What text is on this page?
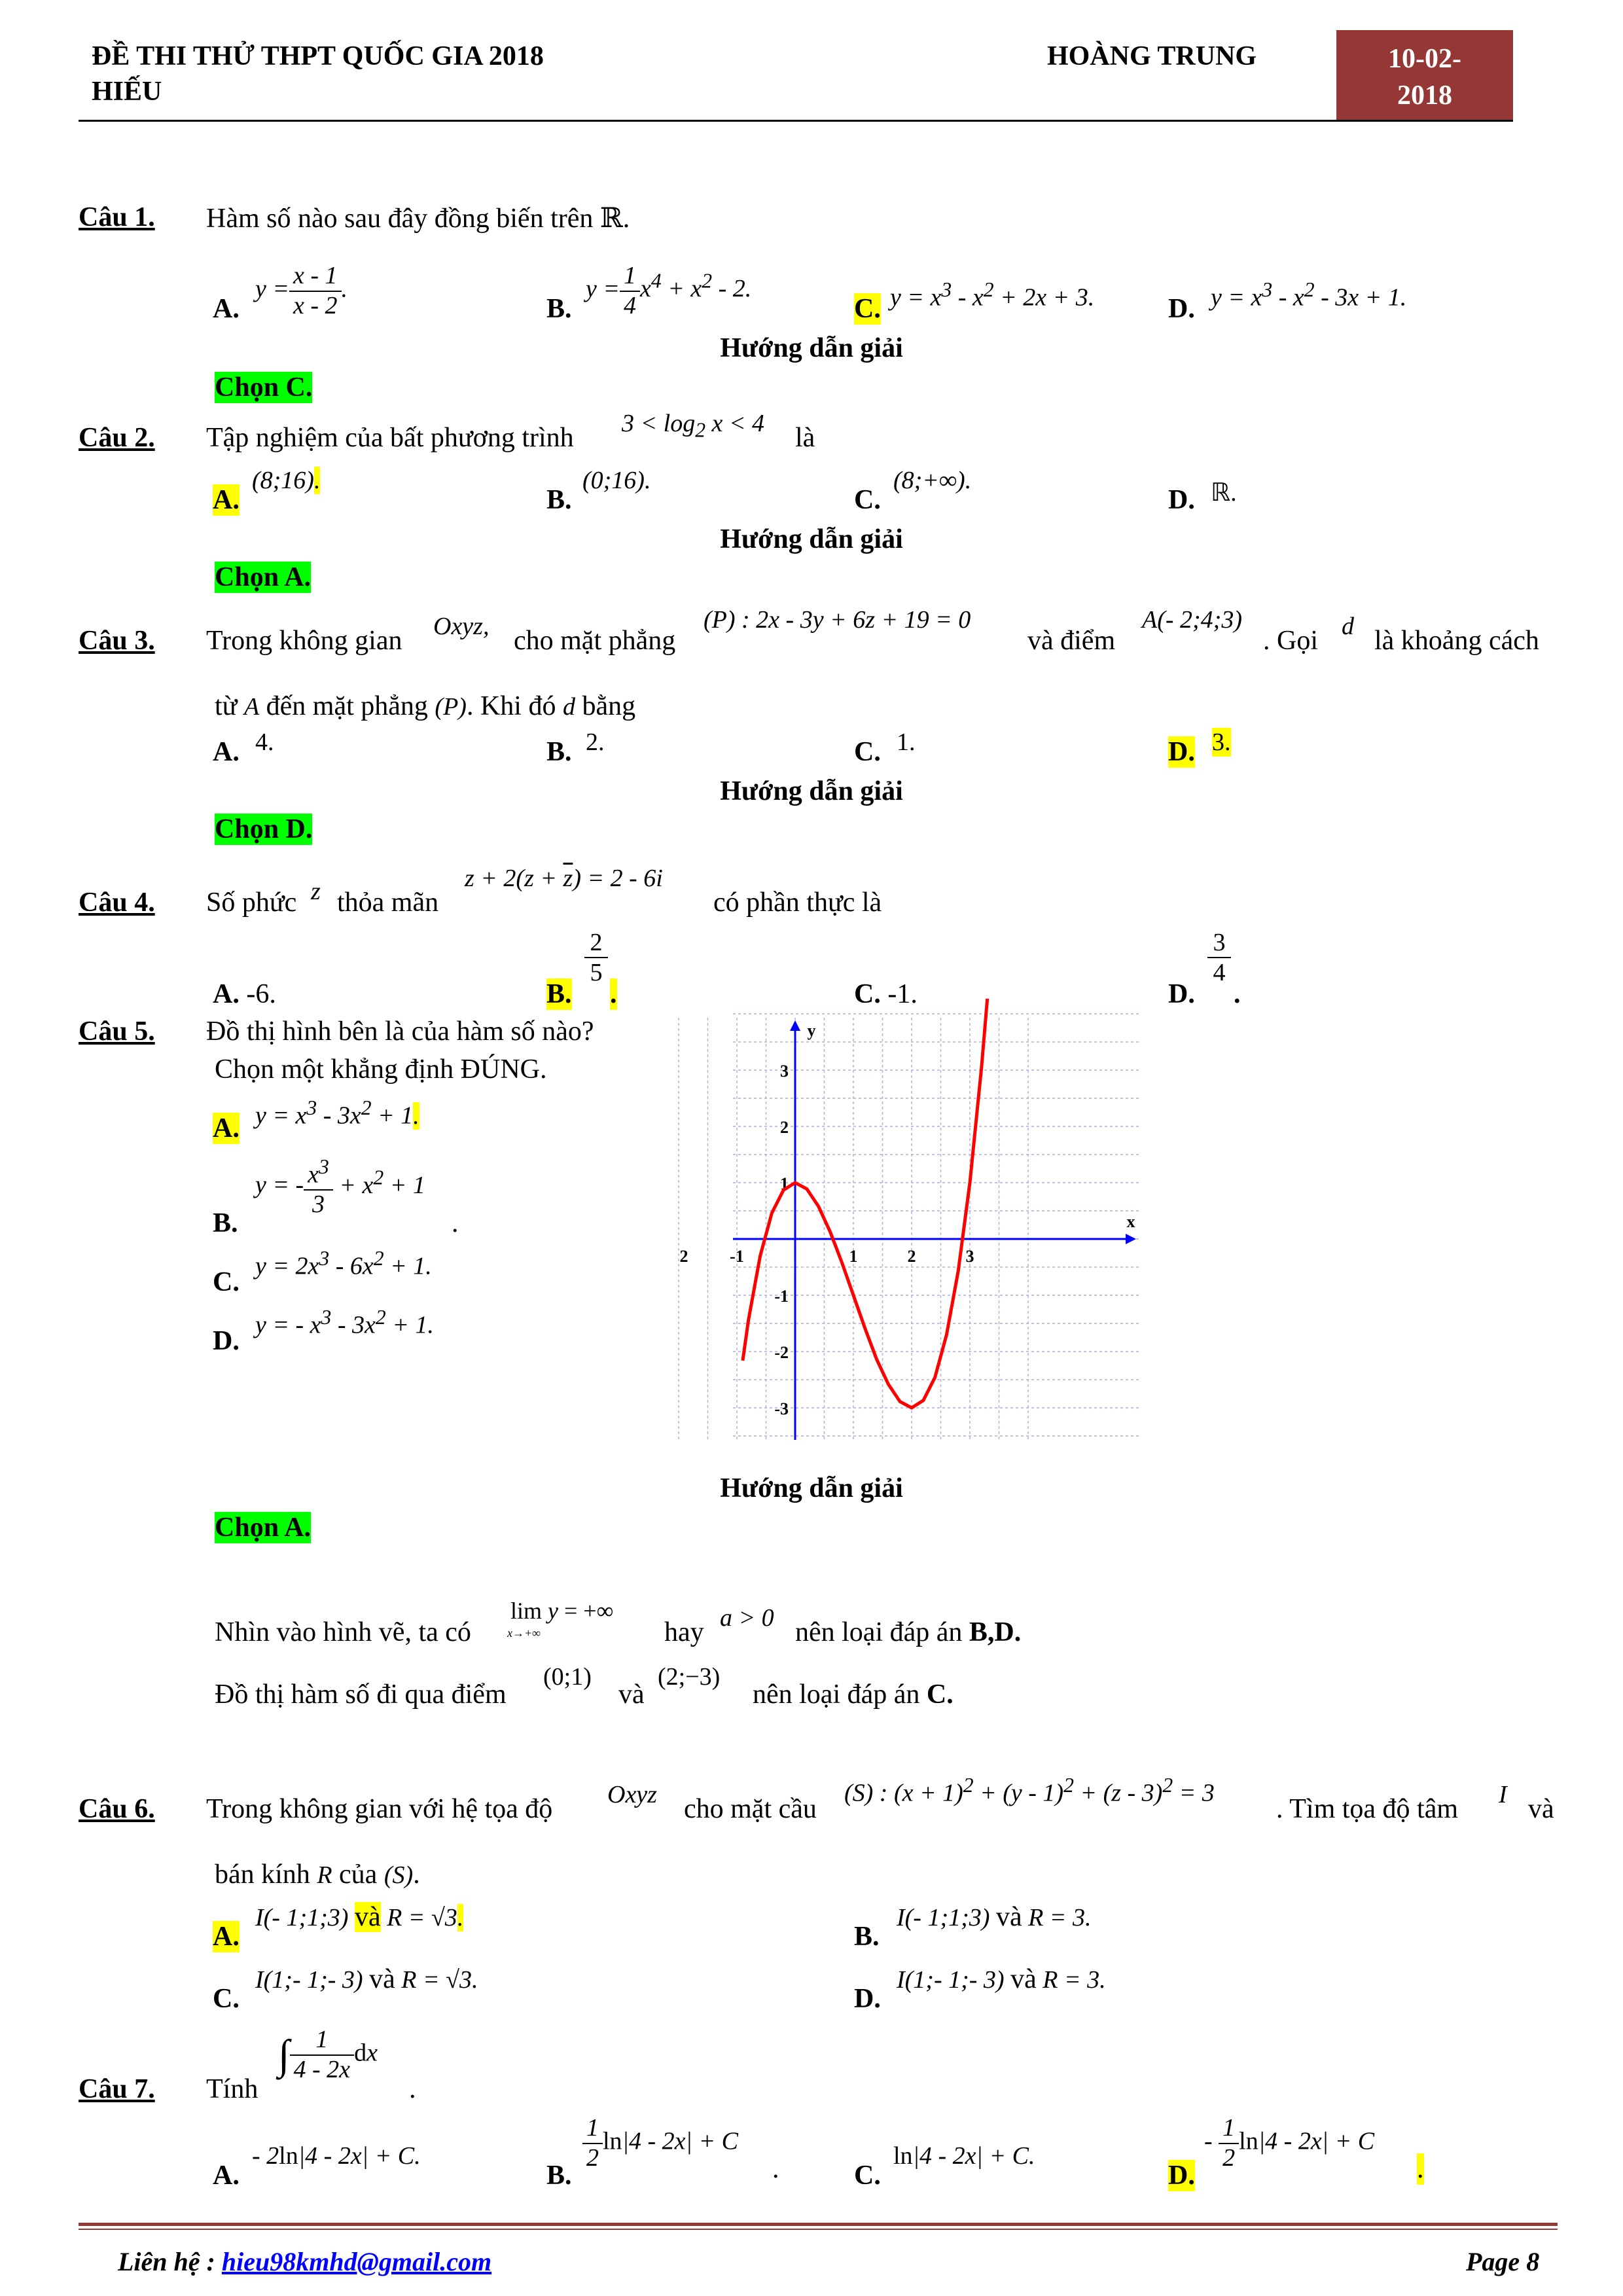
ĐỀ THI THỬ THPT QUỐC GIA 2018
HIẾU
HOÀNG TRUNG	10-02-
2018
Câu 1. Hàm số nào sau đây đồng biến trên ℝ.
A.
$y = \frac{x - 1}{x - 2}$ .
B.
$y = \frac{1}{4} x^4 + x^2 - 2$.
C. $y = x^3 - x^2 + 2x + 3$.	D. $y = x^3 - x^2 - 3x + 1$.
Hướng dẫn giải
Chọn C.
Câu 2. Tập nghiệm của bất phương trình $3 < \log_2 x < 4$ là
A.
(8;16).
B.
(0;16).
C.
(8;+∞).
D. ℝ.
Hướng dẫn giải
Chọn A.
Câu 3. Trong không gian Oxyz, cho mặt phẳng
(P) : 2x - 3y + 6z + 19 = 0
và điểm
A(- 2;4;3)
. Gọi d là khoảng cách
từ A đến mặt phẳng (P). Khi đó d bằng
A. 4.	B. 2.	C. 1.	D. 3.
Hướng dẫn giải
Chọn D.
Câu 4. Số phức z thỏa mãn
$z + 2(z + \overline{z}) = 2 - 6i$
có phần thực là
A. -6.	B.
$\frac{2}{5}$
.	C. -1.	D.
$\frac{3}{4}$
.
Câu 5. Đồ thị hình bên là của hàm số nào?
Chọn một khẳng định ĐÚNG.
A. $y = x^3 - 3x^2 + 1$.
B.
y = - $\frac{x^3}{3} + x^2 + 1$
.
C.
$y = 2x^3 - 6x^2 + 1$.
D.
y = - $x^3 - 3x^2 + 1$.
2 -1	1	2	3
3
2
1
-1
-2
-3
x
y
Hướng dẫn giải
Chọn A.
Nhìn vào hình vẽ, ta có
lim y = +∞
x→+∞	hay a > 0 nên loại đáp án B,D.
Đồ thị hàm số đi qua điểm
(0;1)
và
(2;−3)
nên loại đáp án C.
Câu 6. Trong không gian với hệ tọa độ Oxyz cho mặt cầu
(S) : $(x + 1)^2 + (y - 1)^2 + (z - 3)^2 = 3$
. Tìm tọa độ tâm I và
bán kính R của (S).
A.
I(- 1;1;3) và R = √3.
B.
I(- 1;1;3) và R = 3.
C.
I(1;- 1;- 3) và R = √3.
D.
I(1;- 1;- 3) và R = 3.
Câu 7. Tính
∫ $\frac{1}{4 - 2x}$ dx
.
A.
- 2ln|4 - 2x| + C.
B.
$\frac{1}{2} \ln|4 - 2x| + C$
.	C.
ln|4 - 2x| + C.
D.
- $\frac{1}{2} \ln|4 - 2x| + C$
.
Liên hệ : hieu98kmhd@gmail.com	Page 8
